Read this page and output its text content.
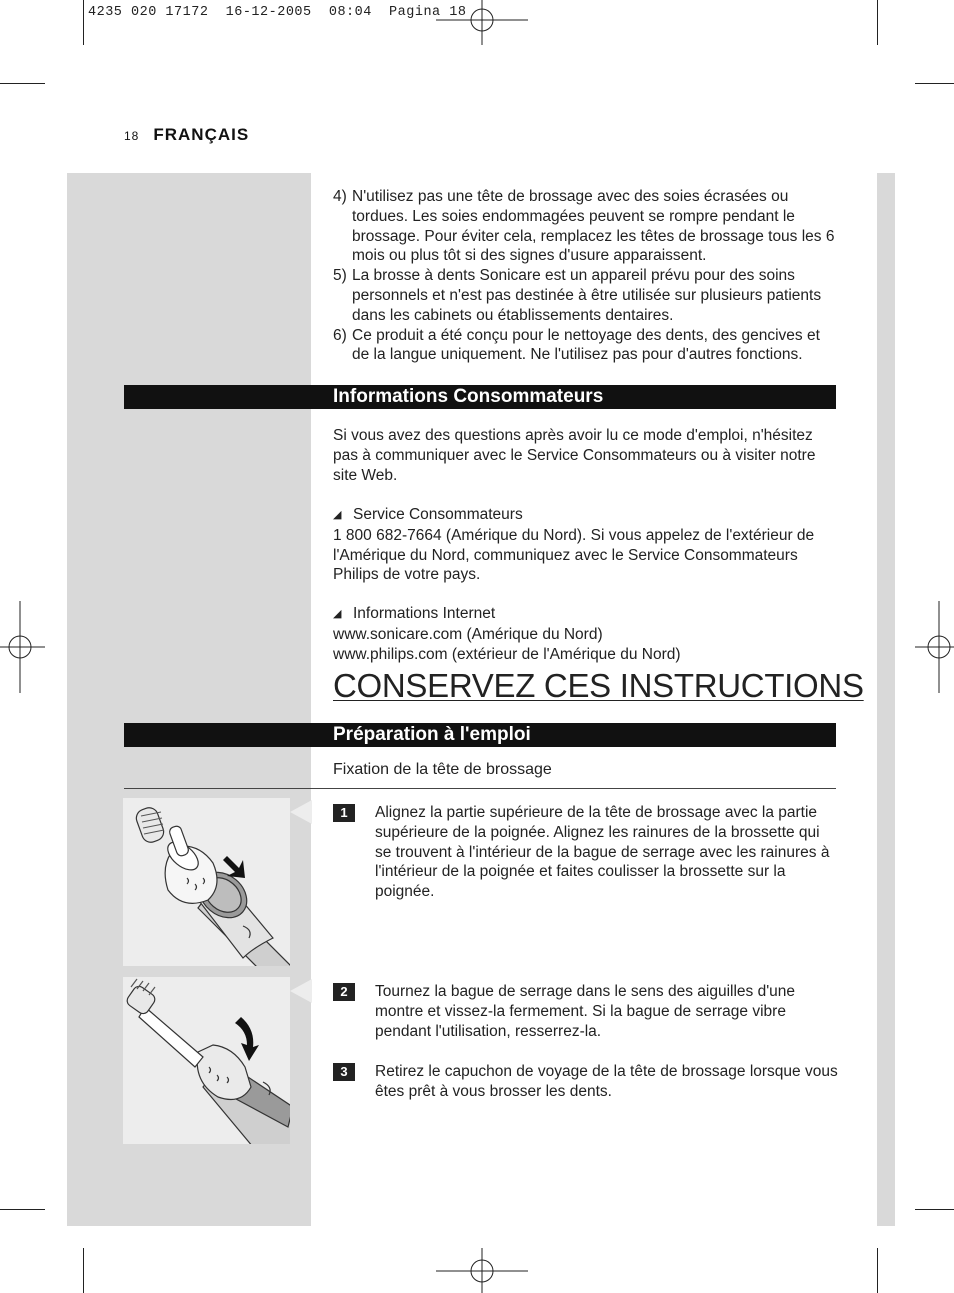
4235 020 17172  16-12-2005  08:04  Pagina 18
18 FRANÇAIS
4) N'utilisez pas une tête de brossage avec des soies écrasées ou tordues. Les soies endommagées peuvent se rompre pendant le brossage. Pour éviter cela, remplacez les têtes de brossage tous les 6 mois ou plus tôt si des signes d'usure apparaissent.
5) La brosse à dents Sonicare est un appareil prévu pour des soins personnels et n'est pas destinée à être utilisée sur plusieurs patients dans les cabinets ou établissements dentaires.
6) Ce produit a été conçu pour le nettoyage des dents, des gencives et de la langue uniquement. Ne l'utilisez pas pour d'autres fonctions.
Informations Consommateurs
Si vous avez des questions après avoir lu ce mode d'emploi, n'hésitez pas à communiquer avec le Service Consommateurs ou à visiter notre site Web.
◢ Service Consommateurs
1 800 682-7664 (Amérique du Nord). Si vous appelez de l'extérieur de l'Amérique du Nord, communiquez avec le Service Consommateurs Philips de votre pays.
◢ Informations Internet
www.sonicare.com (Amérique du Nord)
www.philips.com (extérieur de l'Amérique du Nord)
CONSERVEZ CES INSTRUCTIONS
Préparation à l'emploi
Fixation de la tête de brossage
1	Alignez la partie supérieure de la tête de brossage avec la partie supérieure de la poignée. Alignez les rainures de la brossette qui se trouvent à l'intérieur de la bague de serrage avec les rainures à l'intérieur de la poignée et faites coulisser la brossette sur la poignée.
2	Tournez la bague de serrage dans le sens des aiguilles d'une montre et vissez-la fermement. Si la bague de serrage vibre pendant l'utilisation, resserrez-la.
3	Retirez le capuchon de voyage de la tête de brossage lorsque vous êtes prêt à vous brosser les dents.
